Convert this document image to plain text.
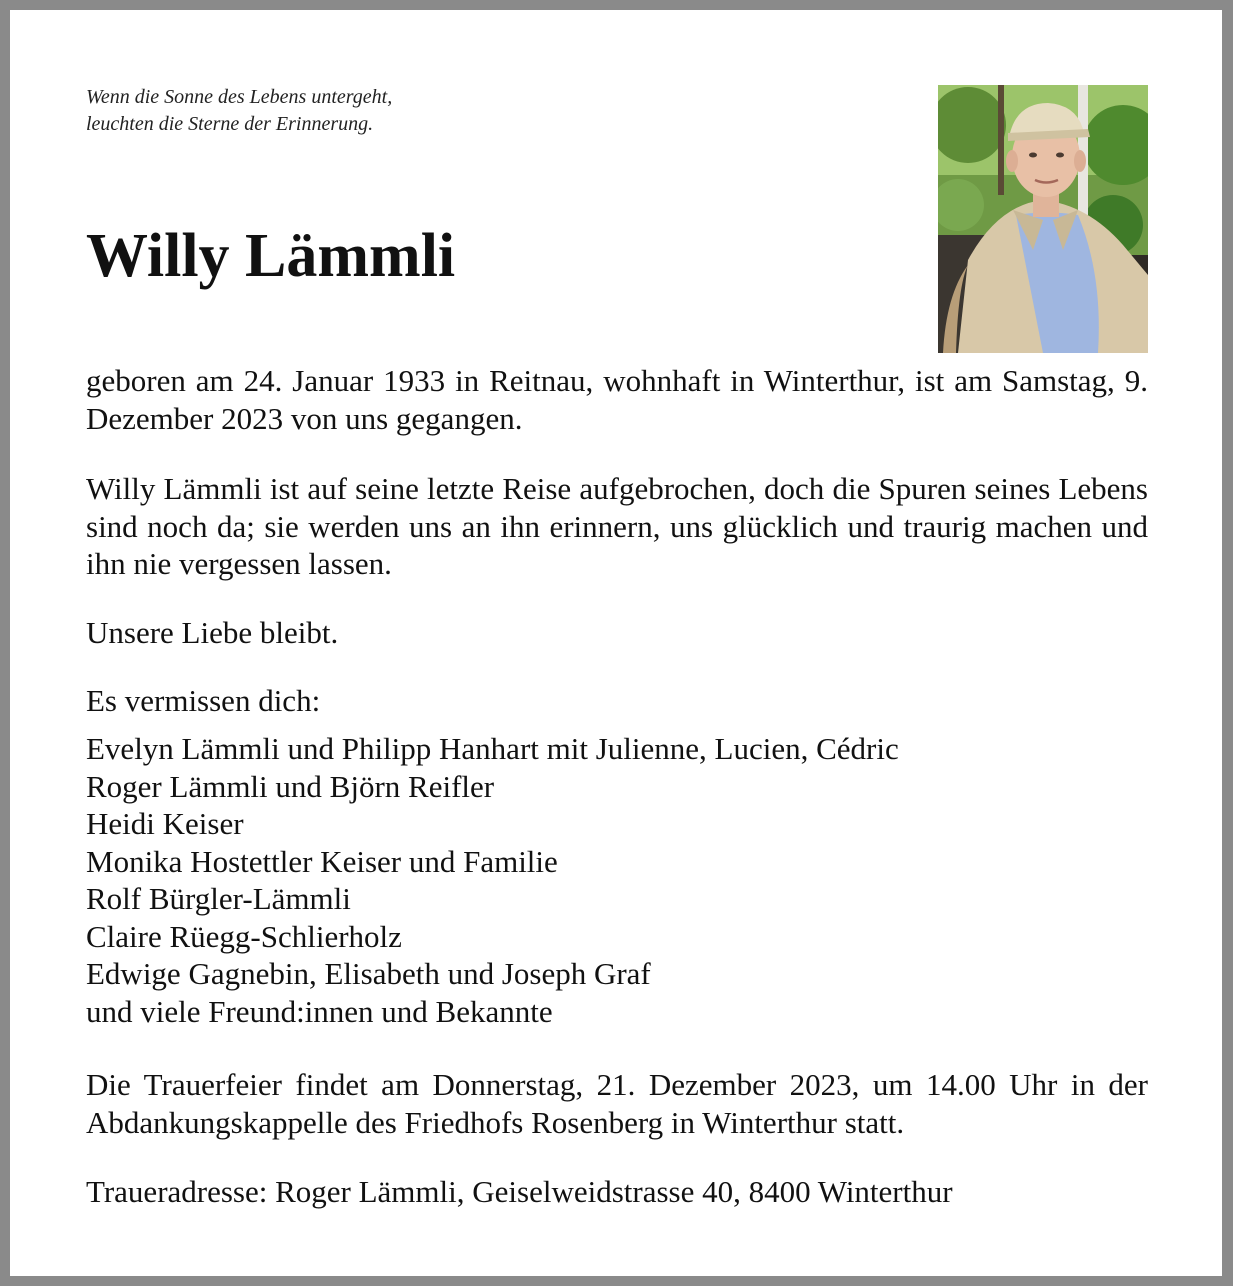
Wenn die Sonne des Lebens untergeht,
leuchten die Sterne der Erinnerung.
Willy Lämmli
geboren am 24. Januar 1933 in Reitnau, wohnhaft in Winterthur, ist am Samstag, 9. Dezember 2023 von uns gegangen.
Willy Lämmli ist auf seine letzte Reise aufgebrochen, doch die Spuren seines Lebens sind noch da; sie werden uns an ihn erinnern, uns glücklich und traurig machen und ihn nie vergessen lassen.
Unsere Liebe bleibt.
Es vermissen dich:
Evelyn Lämmli und Philipp Hanhart mit Julienne, Lucien, Cédric
Roger Lämmli und Björn Reifler
Heidi Keiser
Monika Hostettler Keiser und Familie
Rolf Bürgler-Lämmli
Claire Rüegg-Schlierholz
Edwige Gagnebin, Elisabeth und Joseph Graf
und viele Freund:innen und Bekannte
Die Trauerfeier findet am Donnerstag, 21. Dezember 2023, um 14.00 Uhr in der Abdankungskappelle des Friedhofs Rosenberg in Winterthur statt.
Traueradresse: Roger Lämmli, Geiselweidstrasse 40, 8400 Winterthur
